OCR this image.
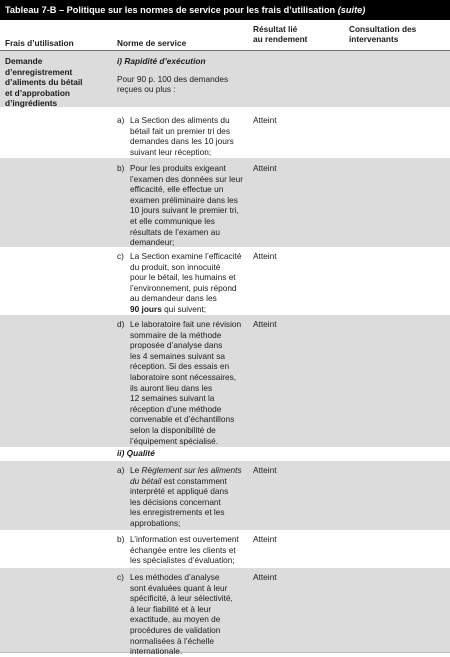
Tableau 7-B – Politique sur les normes de service pour les frais d’utilisation (suite)
Frais d’utilisation	Norme de service
Résultat lié
au rendement
Consultation des
intervenants
Demande
d’enregistrement
d’aliments du bétail
et d’approbation
d’ingrédients
i) Rapidité d’exécution
Pour 90 p. 100 des demandes
reçues ou plus :
a) La Section des aliments du
bétail fait un premier tri des
demandes dans les 10 jours
suivant leur réception;
Atteint
b) Pour les produits exigeant
l’examen des données sur leur
efficacité, elle effectue un
examen préliminaire dans les
10 jours suivant le premier tri,
et elle communique les
résultats de l’examen au
demandeur;
Atteint
c) La Section examine l’efficacité
du produit, son innocuité
pour le bétail, les humains et
l’environnement, puis répond
au demandeur dans les
90 jours qui suivent;
Atteint
d) Le laboratoire fait une révision
sommaire de la méthode
proposée d’analyse dans
les 4 semaines suivant sa
réception. Si des essais en
laboratoire sont nécessaires,
ils auront lieu dans les
12 semaines suivant la
réception d’une méthode
convenable et d’échantillons
selon la disponibilité de
l’équipement spécialisé.
Atteint
ii) Qualité
a) Le Règlement sur les aliments
du bétail est constamment
interprété et appliqué dans
les décisions concernant
les enregistrements et les
approbations;
Atteint
b) L’information est ouvertement
échangée entre les clients et
les spécialistes d’évaluation;
Atteint
c) Les méthodes d’analyse
sont évaluées quant à leur
spécificité, à leur sélectivité,
à leur fiabilité et à leur
exactitude, au moyen de
procédures de validation
normalisées à l’échelle
internationale.
Atteint
